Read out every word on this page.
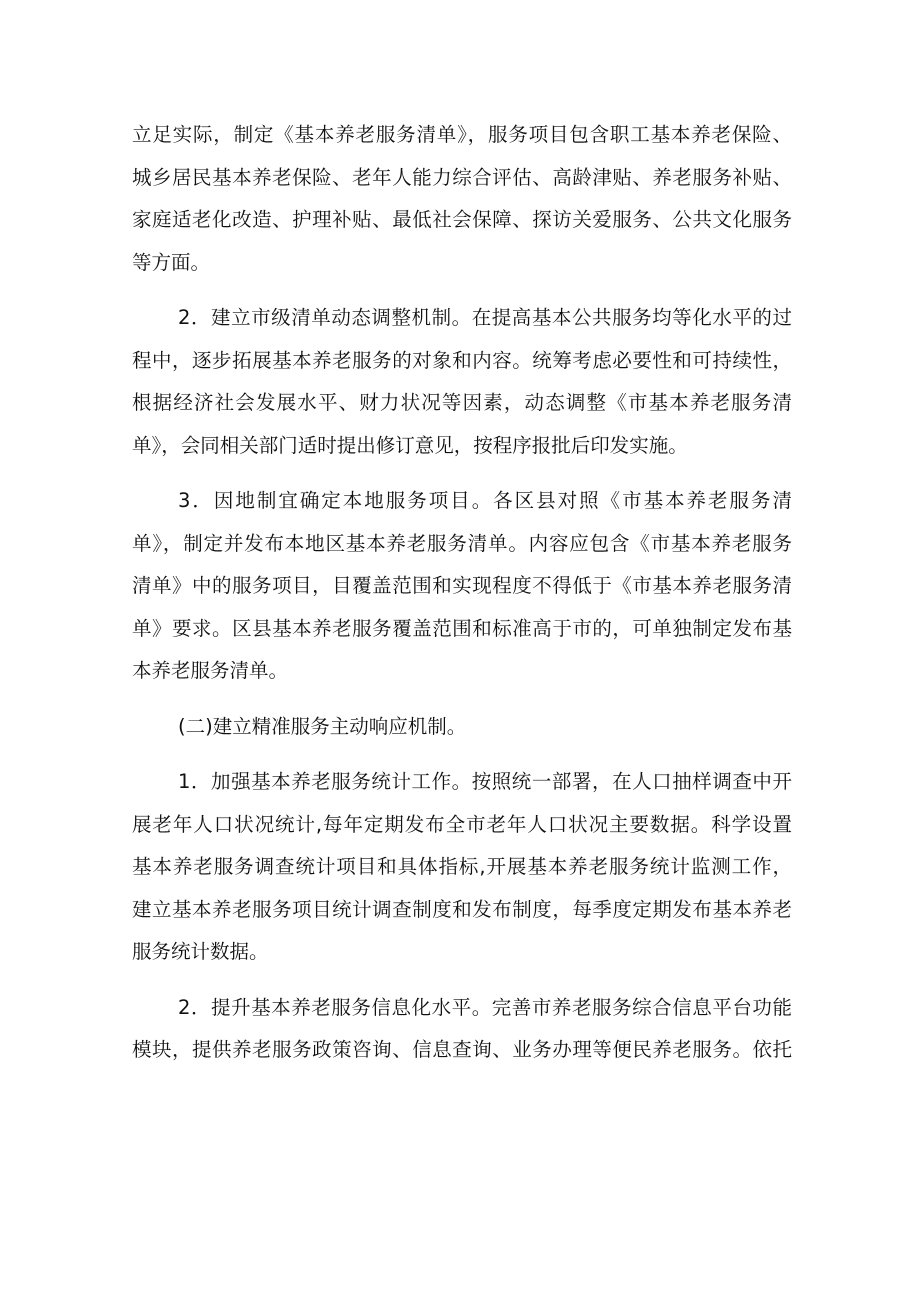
立足实际，制定《基本养老服务清单》，服务项目包含职工基本养老保险、
城乡居民基本养老保险、老年人能力综合评估、高龄津贴、养老服务补贴、
家庭适老化改造、护理补贴、最低社会保障、探访关爱服务、公共文化服务
等方面。
2．建立市级清单动态调整机制。在提高基本公共服务均等化水平的过
程中，逐步拓展基本养老服务的对象和内容。统筹考虑必要性和可持续性，
根据经济社会发展水平、财力状况等因素，动态调整《市基本养老服务清
单》，会同相关部门适时提出修订意见，按程序报批后印发实施。
3．因地制宜确定本地服务项目。各区县对照《市基本养老服务清
单》，制定并发布本地区基本养老服务清单。内容应包含《市基本养老服务
清单》中的服务项目，目覆盖范围和实现程度不得低于《市基本养老服务清
单》要求。区县基本养老服务覆盖范围和标准高于市的，可单独制定发布基
本养老服务清单。
(二)建立精准服务主动响应机制。
1．加强基本养老服务统计工作。按照统一部署，在人口抽样调查中开
展老年人口状况统计,每年定期发布全市老年人口状况主要数据。科学设置
基本养老服务调查统计项目和具体指标,开展基本养老服务统计监测工作，
建立基本养老服务项目统计调查制度和发布制度，每季度定期发布基本养老
服务统计数据。
2．提升基本养老服务信息化水平。完善市养老服务综合信息平台功能
模块，提供养老服务政策咨询、信息查询、业务办理等便民养老服务。依托
